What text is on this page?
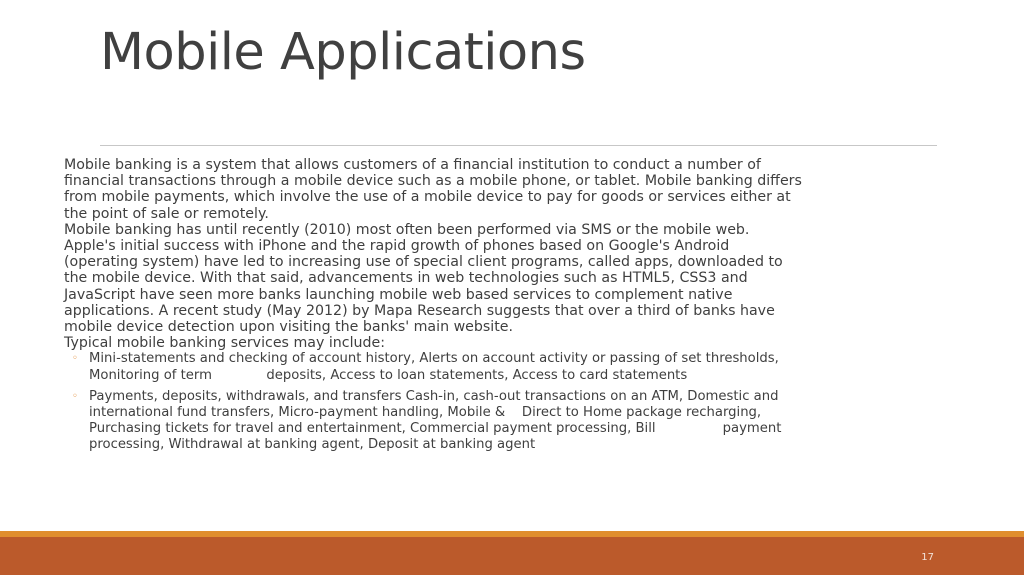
Mobile Applications

Mobile banking is a system that allows customers of a financial institution to conduct a number of
financial transactions through a mobile device such as a mobile phone, or tablet. Mobile banking differs
from mobile payments, which involve the use of a mobile device to pay for goods or services either at
the point of sale or remotely.

Mobile banking has until recently (2010) most often been performed via SMS or the mobile web.
Apple's initial success with iPhone and the rapid growth of phones based on Google's Android
(operating system) have led to increasing use of special client programs, called apps, downloaded to
the mobile device. With that said, advancements in web technologies such as HTML5, CSS3 and
JavaScript have seen more banks launching mobile web based services to complement native
applications. A recent study (May 2012) by Mapa Research suggests that over a third of banks have
mobile device detection upon visiting the banks' main website.

Typical mobile banking services may include:

◦ Mini-statements and checking of account history, Alerts on account activity or passing of set thresholds,
Monitoring of term             deposits, Access to loan statements, Access to card statements
◦ Payments, deposits, withdrawals, and transfers Cash-in, cash-out transactions on an ATM, Domestic and
international fund transfers, Micro-payment handling, Mobile &    Direct to Home package recharging,
Purchasing tickets for travel and entertainment, Commercial payment processing, Bill                payment
processing, Withdrawal at banking agent, Deposit at banking agent
17
